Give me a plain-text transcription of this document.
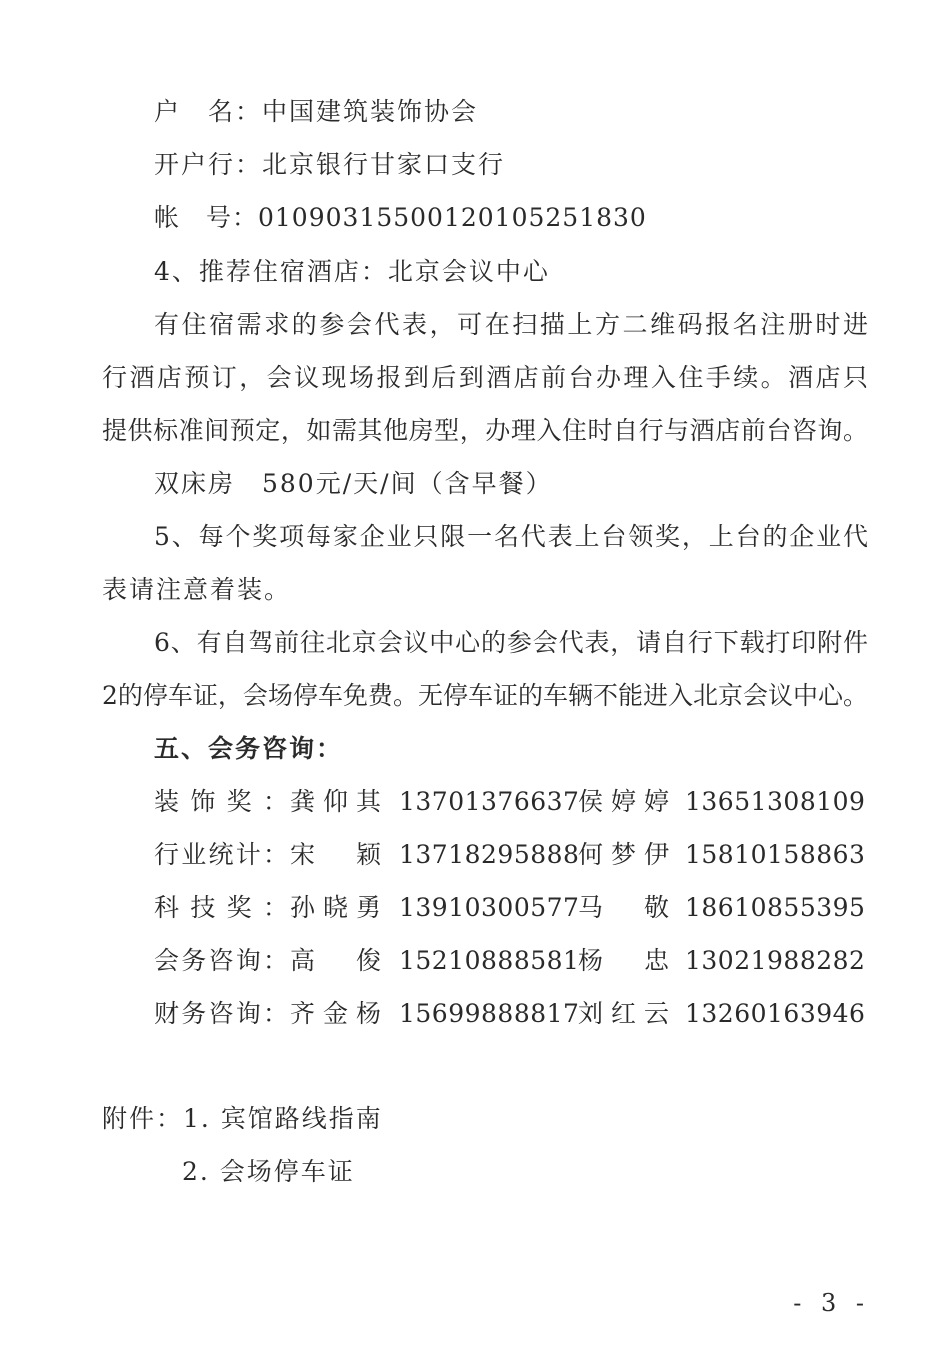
户　名：中国建筑装饰协会
开户行：北京银行甘家口支行
帐　号：01090315500120105251830
4、推荐住宿酒店：北京会议中心
有住宿需求的参会代表，可在扫描上方二维码报名注册时进
行酒店预订，会议现场报到后到酒店前台办理入住手续。酒店只
提供标准间预定，如需其他房型，办理入住时自行与酒店前台咨询。
双床房　580元/天/间（含早餐）
5、每个奖项每家企业只限一名代表上台领奖，上台的企业代
表请注意着装。
6、有自驾前往北京会议中心的参会代表，请自行下载打印附件
2的停车证，会场停车免费。无停车证的车辆不能进入北京会议中心。
五、会务咨询：
装饰奖： 龚仰其 13701376637
侯婷婷 13651308109
行业统计： 宋　颖 13718295888
何梦伊 15810158863
科技奖： 孙晓勇 13910300577
马　敬 18610855395
会务咨询： 高　俊 15210888581
杨　忠 13021988282
财务咨询： 齐金杨 15699888817
刘红云 13260163946
附件：1. 宾馆路线指南
2. 会场停车证
- 3 -
